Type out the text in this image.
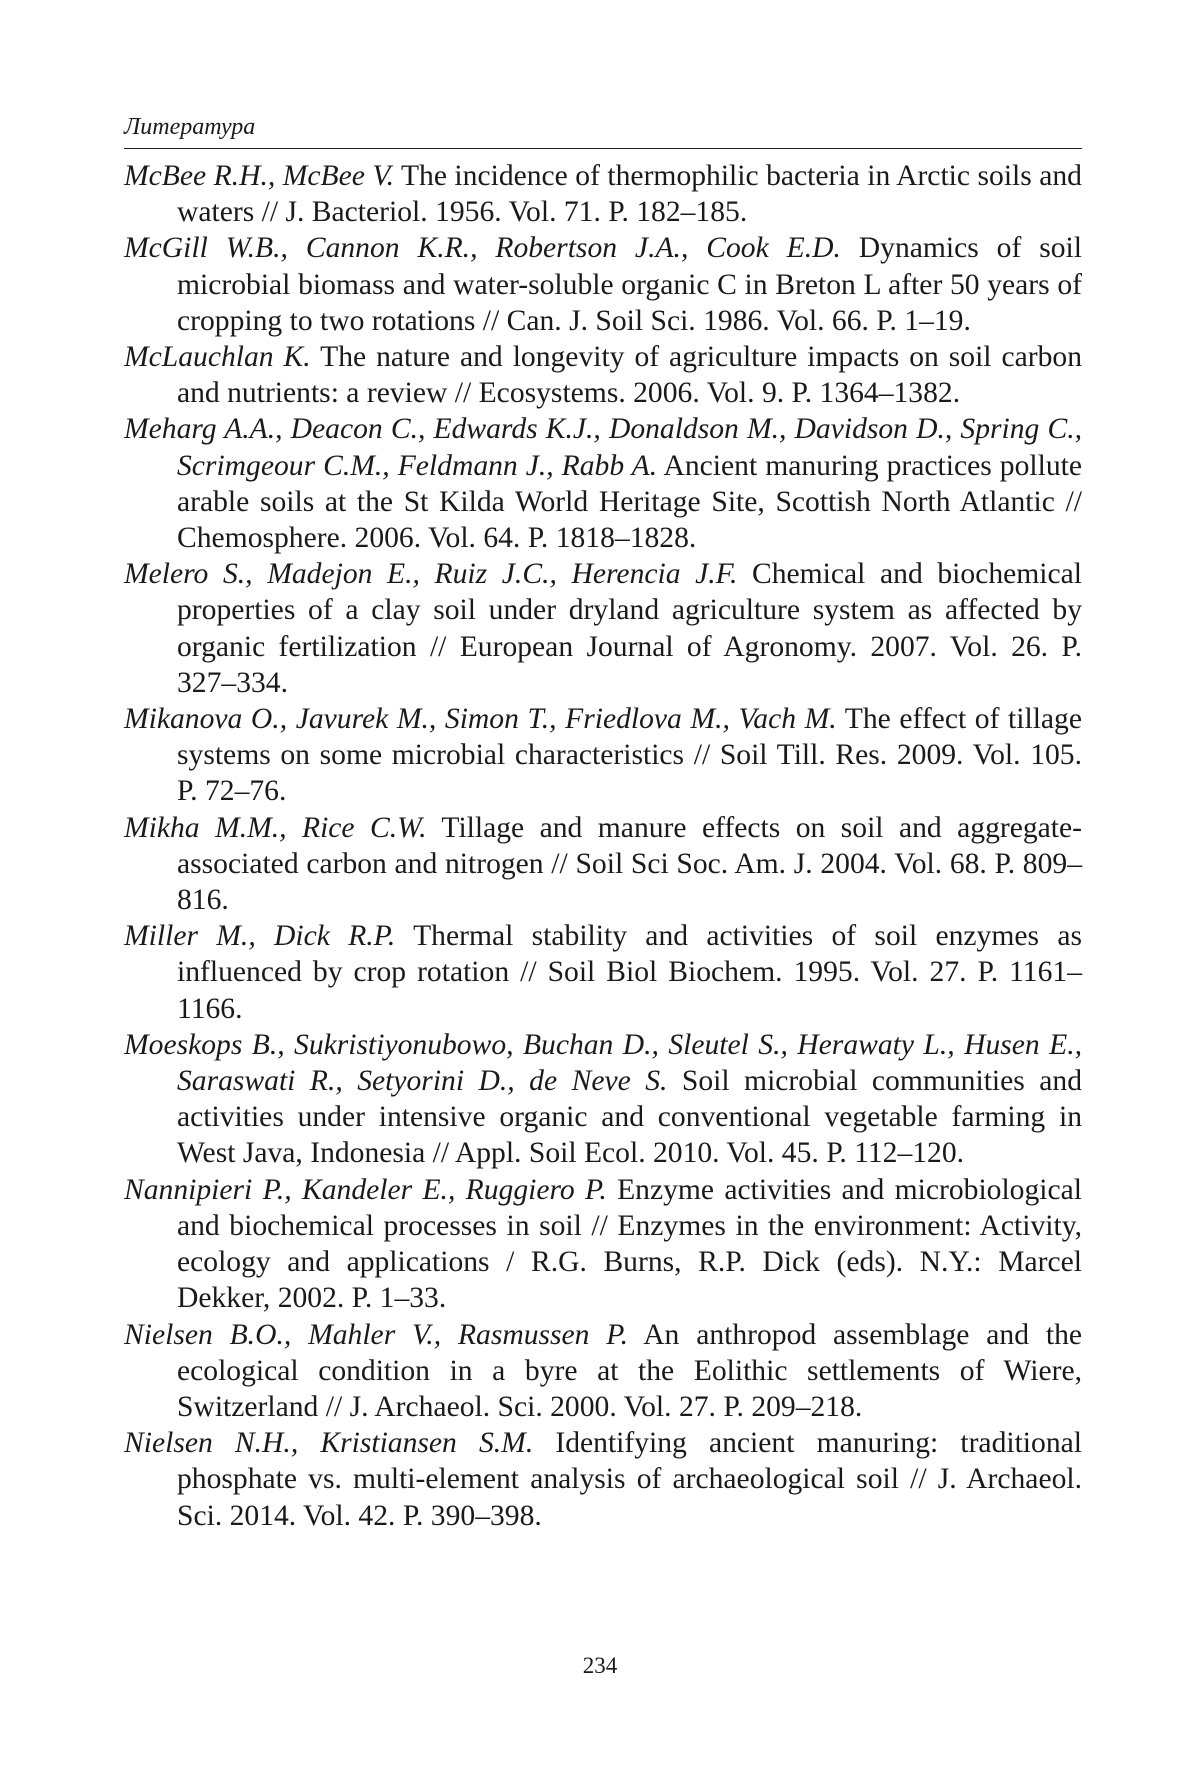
Литература

McBee R.H., McBee V. The incidence of thermophilic bacteria in Arctic soils and waters // J. Bacteriol. 1956. Vol. 71. P. 182–185.

McGill W.B., Cannon K.R., Robertson J.A., Cook E.D. Dynamics of soil microbial biomass and water-soluble organic C in Breton L after 50 years of cropping to two rotations // Can. J. Soil Sci. 1986. Vol. 66. P. 1–19.

McLauchlan K. The nature and longevity of agriculture impacts on soil carbon and nutrients: a review // Ecosystems. 2006. Vol. 9. P. 1364–1382.

Meharg A.A., Deacon C., Edwards K.J., Donaldson M., Davidson D., Spring C., Scrimgeour C.M., Feldmann J., Rabb A. Ancient manuring practices pollute arable soils at the St Kilda World Heritage Site, Scottish North Atlantic // Chemosphere. 2006. Vol. 64. P. 1818–1828.

Melero S., Madejon E., Ruiz J.C., Herencia J.F. Chemical and biochemical properties of a clay soil under dryland agriculture system as affected by organic fertilization // European Journal of Agronomy. 2007. Vol. 26. P. 327–334.

Mikanova O., Javurek M., Simon T., Friedlova M., Vach M. The effect of tillage systems on some microbial characteristics // Soil Till. Res. 2009. Vol. 105. P. 72–76.

Mikha M.M., Rice C.W. Tillage and manure effects on soil and aggregate-associated carbon and nitrogen // Soil Sci Soc. Am. J. 2004. Vol. 68. P. 809–816.

Miller M., Dick R.P. Thermal stability and activities of soil enzymes as influenced by crop rotation // Soil Biol Biochem. 1995. Vol. 27. P. 1161–1166.

Moeskops B., Sukristiyonubowo, Buchan D., Sleutel S., Herawaty L., Husen E., Saraswati R., Setyorini D., de Neve S. Soil microbial communities and activities under intensive organic and conventional vegetable farming in West Java, Indonesia // Appl. Soil Ecol. 2010. Vol. 45. P. 112–120.

Nannipieri P., Kandeler E., Ruggiero P. Enzyme activities and microbiological and biochemical processes in soil // Enzymes in the environment: Activity, ecology and applications / R.G. Burns, R.P. Dick (eds). N.Y.: Marcel Dekker, 2002. P. 1–33.

Nielsen B.O., Mahler V., Rasmussen P. An anthropod assemblage and the ecological condition in a byre at the Eolithic settlements of Wiere, Switzerland // J. Archaeol. Sci. 2000. Vol. 27. P. 209–218.

Nielsen N.H., Kristiansen S.M. Identifying ancient manuring: traditional phosphate vs. multi-element analysis of archaeological soil // J. Archaeol. Sci. 2014. Vol. 42. P. 390–398.

234
